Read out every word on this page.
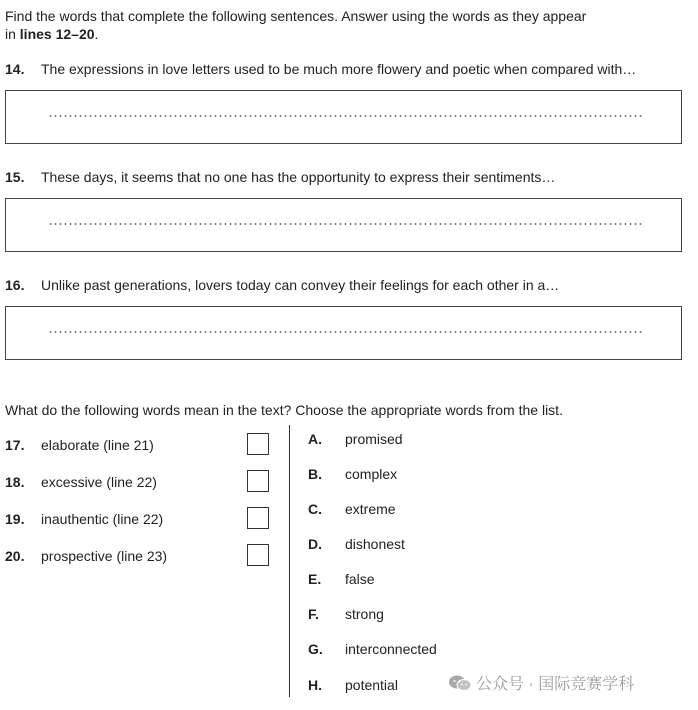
Find the words that complete the following sentences. Answer using the words as they appear
in lines 12–20.
14. The expressions in love letters used to be much more flowery and poetic when compared with…
15. These days, it seems that no one has the opportunity to express their sentiments…
16. Unlike past generations, lovers today can convey their feelings for each other in a…
What do the following words mean in the text? Choose the appropriate words from the list.
17. elaborate (line 21)
18. excessive (line 22)
19. inauthentic (line 22)
20. prospective (line 23)
A. promised
B. complex
C. extreme
D. dishonest
E. false
F. strong
G. interconnected
H. potential	公众号 · 国际竞赛学科
